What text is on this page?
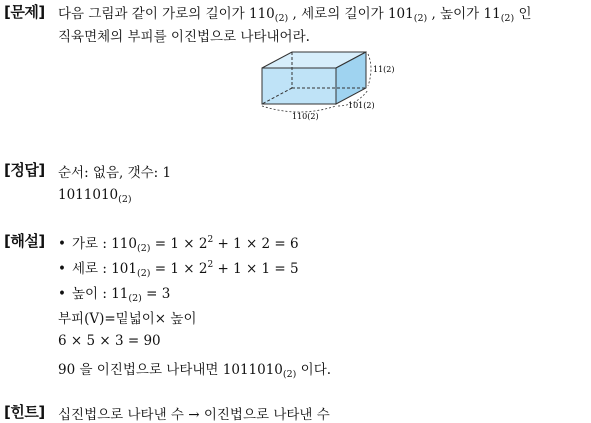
[문제] 다음 그림과 같이 가로의 길이가 $110_{(2)}$ , 세로의 길이가 $101_{(2)}$ , 높이가 $11_{(2)}$ 인
직육면체의 부피를 이진법으로 나타내어라.
11(2)
101(2)
110(2)
[정답] 순서: 없음, 갯수: 1
$1011010_{(2)}$
[해설] • 가로 : $110_{(2)} = 1 \times 2^2 + 1 \times 2 = 6$
• 세로 : $101_{(2)} = 1 \times 2^2 + 1 \times 1 = 5$
• 높이 : $11_{(2)} = 3$
부피(V)=밑넓이× 높이
6 × 5 × 3 = 90
90 을 이진법으로 나타내면 $1011010_{(2)}$ 이다.
[힌트] 십진법으로 나타낸 수 → 이진법으로 나타낸 수
